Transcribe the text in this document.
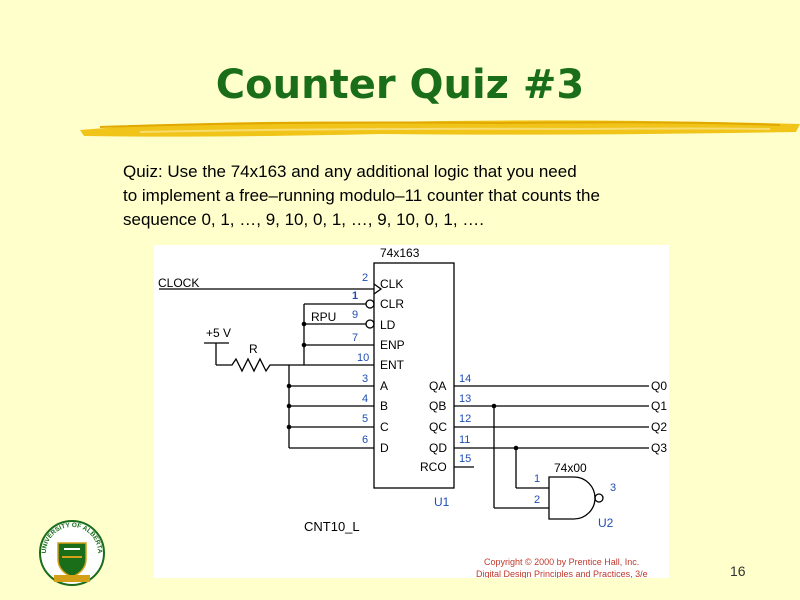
Counter Quiz #3
Quiz: Use the 74x163 and any additional logic that you need
to implement a free–running modulo–11 counter that counts the
sequence 0, 1, …, 9, 10, 0, 1, …, 9, 10, 0, 1, ….
74x163
CLOCK
+5 V
R
RPU
CLK
CLR
LD
ENP
ENT
A
B
C
D
QA
QB
QC
QD
RCO
Q0
Q1
Q2
Q3
74x00
CNT10_L
2
1
9
7
10
3
4
5
6
14
13
12
11
15
1
2
3
U1
U2
Copyright © 2000 by Prentice Hall, Inc.
Digital Design Principles and Practices, 3/e
UNIVERSITY OF ALBERTA
16
